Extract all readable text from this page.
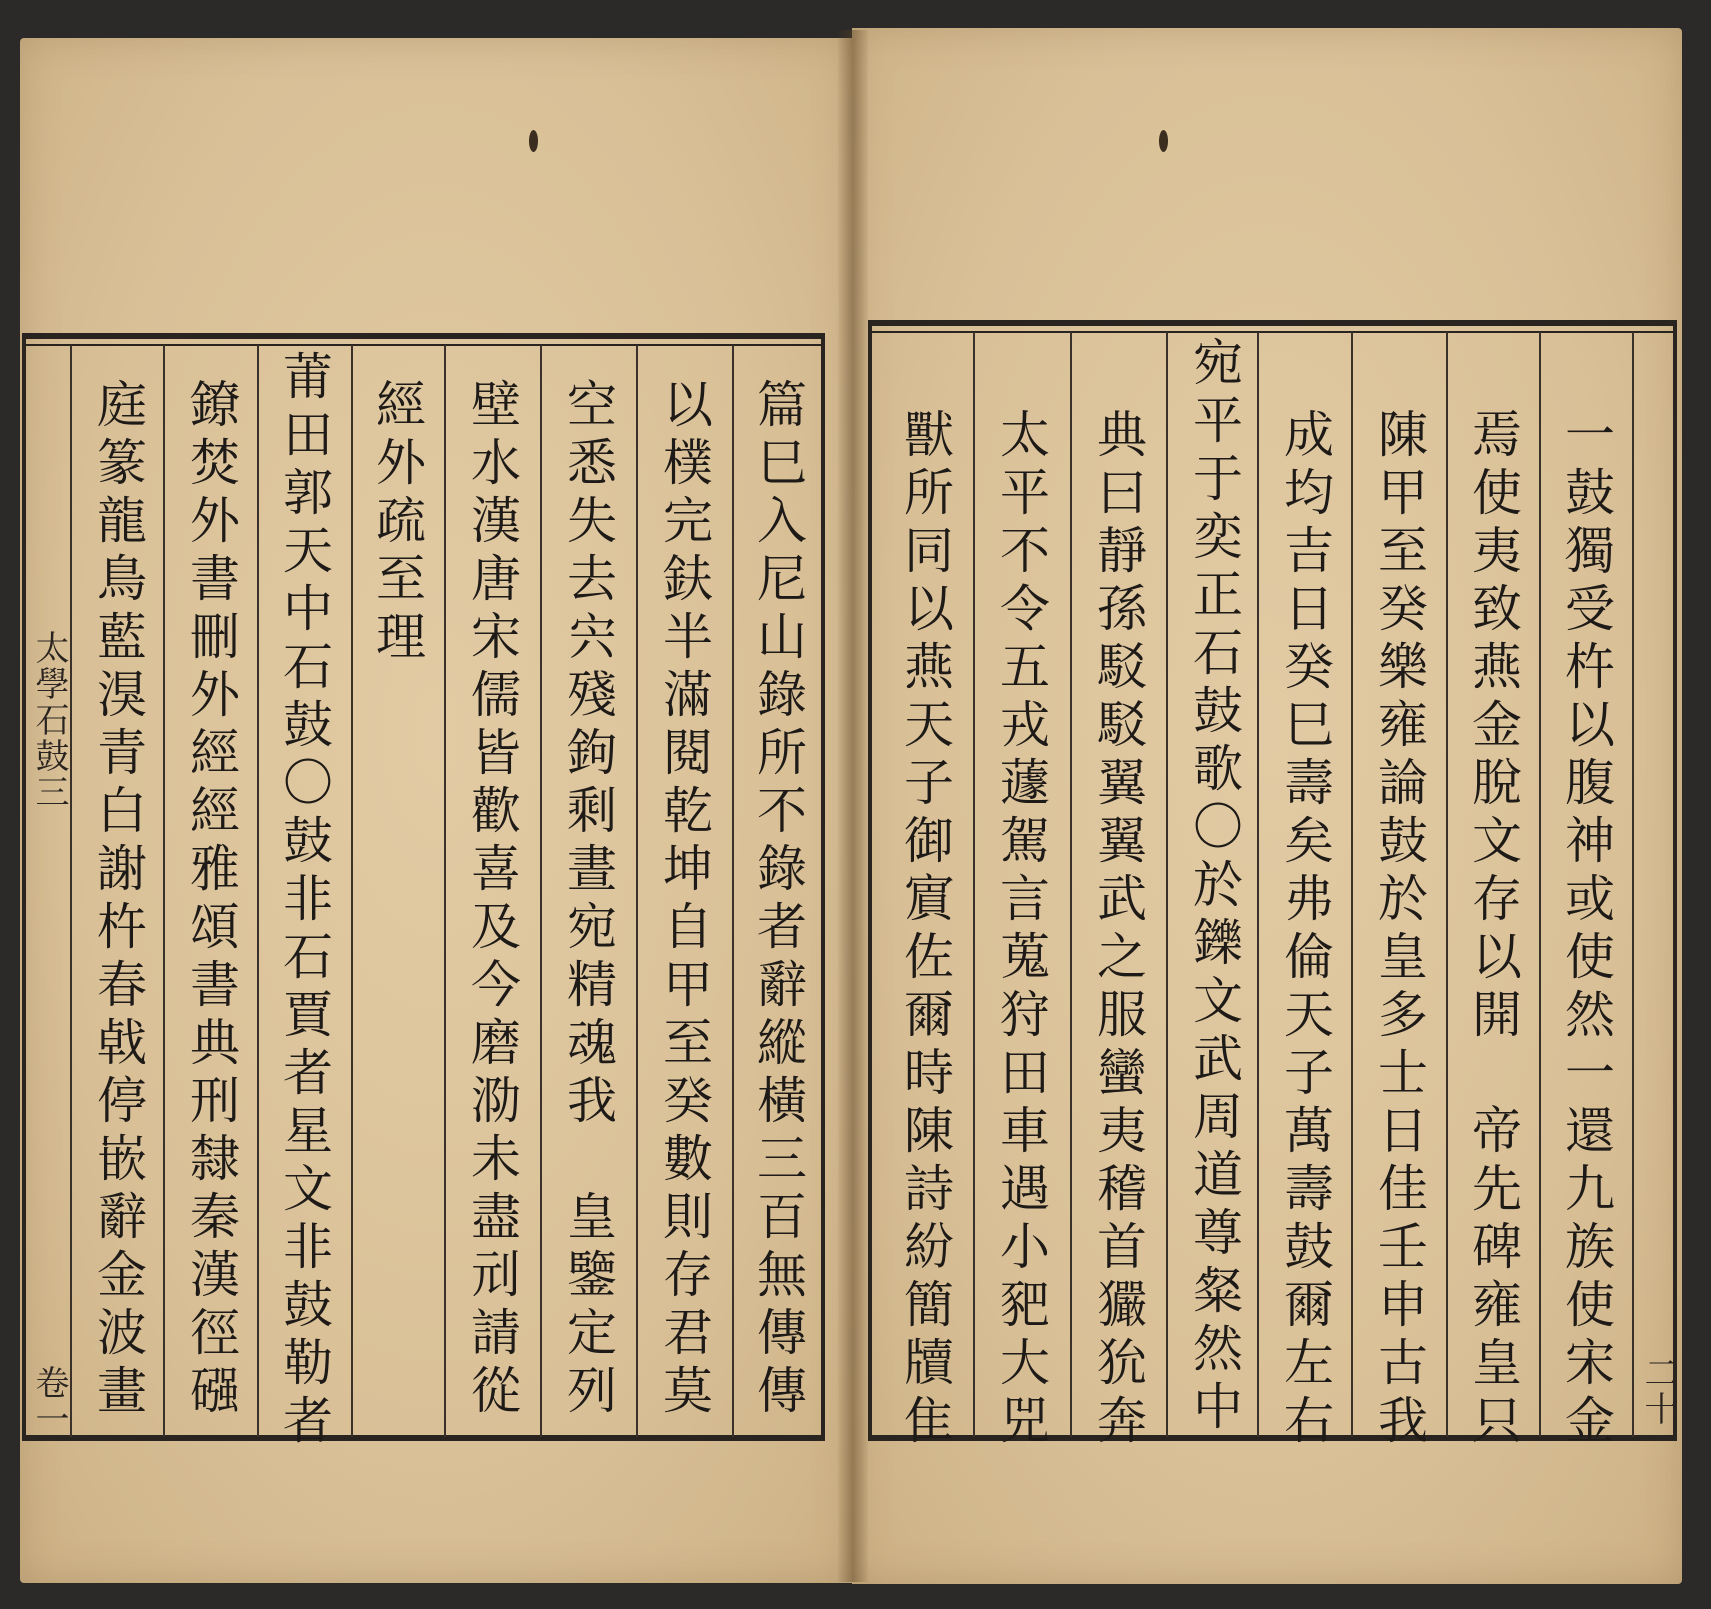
篇巳入尼山錄所不錄者辭縱橫三百無傳傳
以樸完鈇半滿閱乾坤自甲至癸數則存君莫
空悉失去宍殘鉤剩晝宛精魂我　皇鑒定列
壁水漢唐宋儒皆歡喜及今磨泐未盡刓請從
經外疏至理
莆田郭天中石鼓〇鼓非石賈者星文非鼓勒者
鐐焚外書刪外經經雅頌書典刑隸秦漢徑䃨
庭篆龍鳥藍湨青白謝杵春㦸停嵌辭金波畫
太學石鼓三
卷一	一鼓獨受杵以腹神或使然一還九族使宋金
焉使夷致燕金脫文存以開　帝先碑雍皇只
陳甲至癸樂雍論鼓於皇多士日佳壬申古我
成均吉日癸巳壽矣弗倫天子萬壽鼓爾左右
宛平于奕正石鼓歌〇於鑠文武周道尊粲然中
典曰靜孫駁駁翼翼武之服蠻夷稽首玁狁奔
太平不令五戎蘧駕言蒐狩田車遇小豝大兕
獸所同以燕天子御賔佐爾時陳詩紛簡牘隹	二十
